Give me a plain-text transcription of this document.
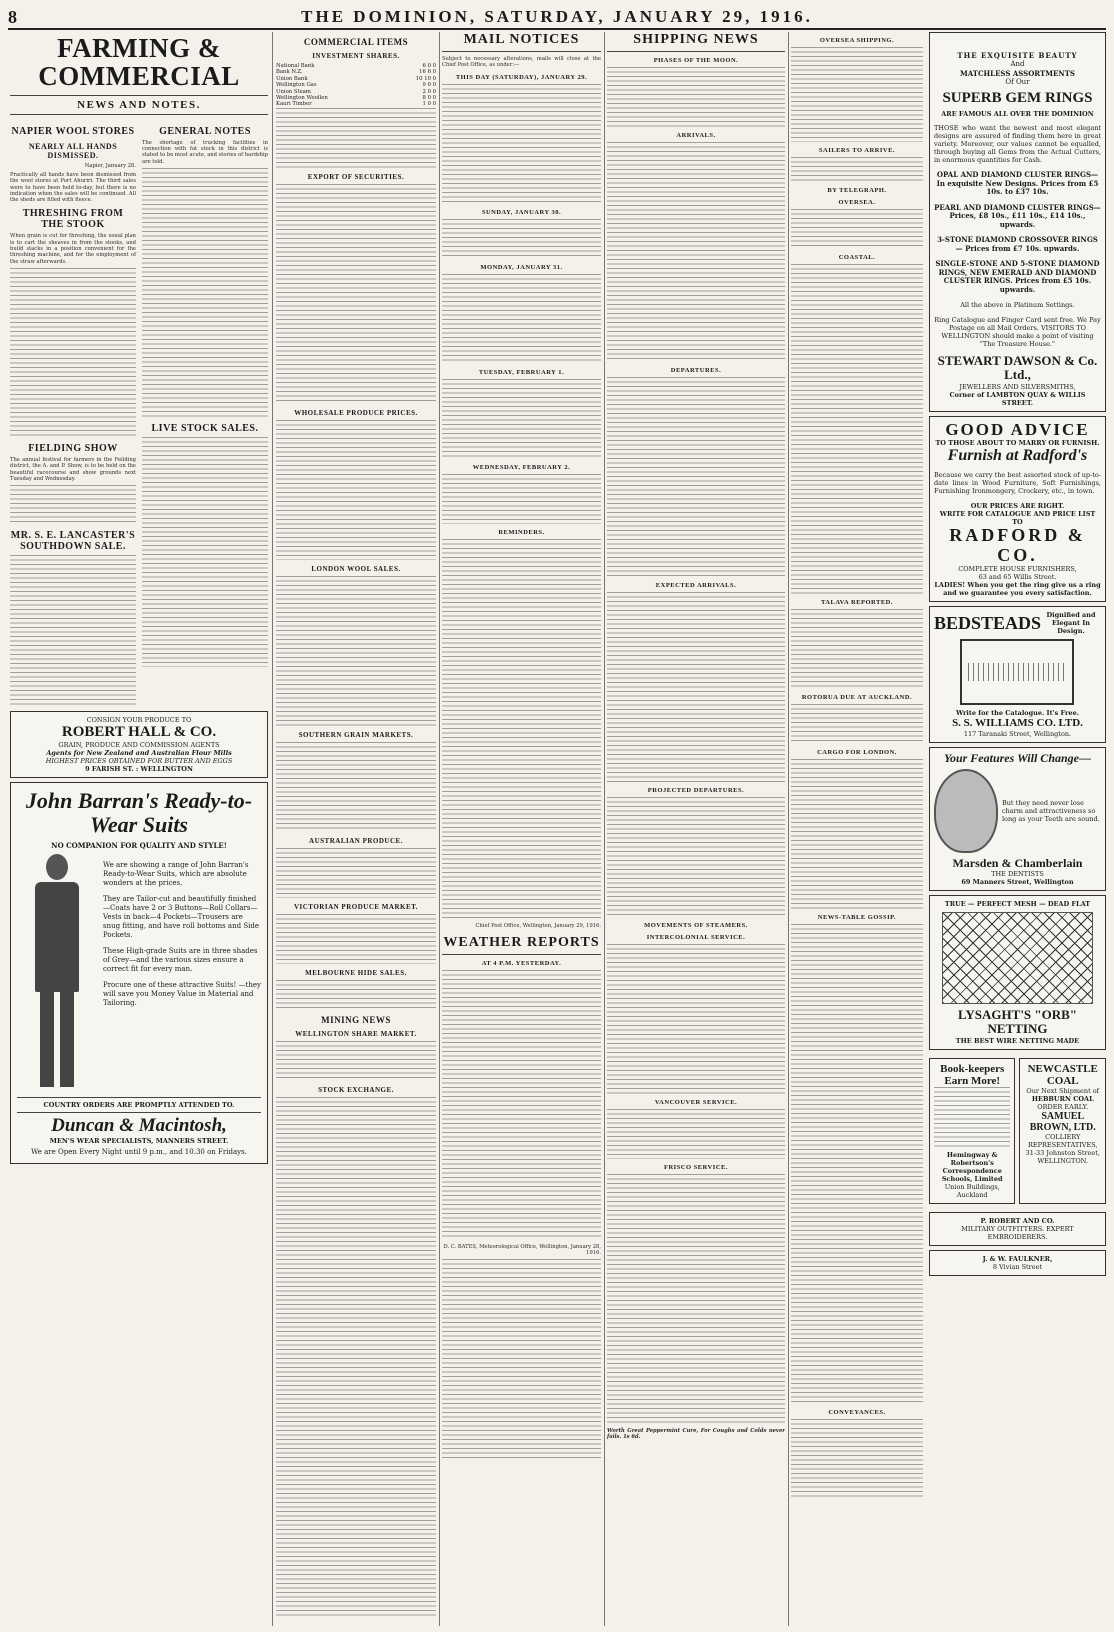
8	THE DOMINION, SATURDAY, JANUARY 29, 1916.
FARMING & COMMERCIAL
NEWS AND NOTES.
NAPIER WOOL STORES
NEARLY ALL HANDS DISMISSED.
Napier, January 28.
Practically all hands have been dismissed from the wool stores at Port Ahuriri. The third sales were to have been held to-day, but there is no indication when the sales will be continued. All the sheds are filled with fleece.
THRESHING FROM THE STOOK
When grain is cut for threshing, the usual plan is to cart the sheaves in from the stooks, and build stacks in a position convenient for the threshing machine, and for the employment of the straw afterwards.
FIELDING SHOW
The annual festival for farmers in the Feilding district, the A. and P. Show, is to be held on the beautiful racecourse and show grounds next Tuesday and Wednesday.
MR. S. E. LANCASTER'S SOUTHDOWN SALE.
GENERAL NOTES
The shortage of trucking facilities in connection with fat stock in this district is stated to be most acute, and stories of hardship are told.
LIVE STOCK SALES.
CONSIGN YOUR PRODUCE TO
ROBERT HALL & CO.
GRAIN, PRODUCE AND COMMISSION AGENTS
Agents for New Zealand and Australian Flour Mills
HIGHEST PRICES OBTAINED FOR BUTTER AND EGGS
9 FARISH ST. : WELLINGTON
John Barran's Ready-to-Wear Suits
NO COMPANION FOR QUALITY AND STYLE!

We are showing a range of John Barran's Ready-to-Wear Suits, which are absolute wonders at the prices.

They are Tailor-cut and beautifully finished—Coats have 2 or 3 Buttons—Roll Collars—Vests in back—4 Pockets—Trousers are snug fitting, and have roll bottoms and Side Pockets.

These High-grade Suits are in three shades of Grey—and the various sizes ensure a correct fit for every man.

Procure one of these attractive Suits! —they will save you Money Value in Material and Tailoring.

COUNTRY ORDERS ARE PROMPTLY ATTENDED TO.
Duncan & Macintosh,
MEN'S WEAR SPECIALISTS, MANNERS STREET.
We are Open Every Night until 9 p.m., and 10.30 on Fridays.
COMMERCIAL ITEMS
INVESTMENT SHARES.
National Bank	6 0 0
Bank N.Z.	16 6 0
Union Bank	10 10 0
Wellington Gas	9 0 0
Union Steam	2 0 0
Wellington Woollen	8 0 0
Kauri Timber	1 0 0
EXPORT OF SECURITIES.
WHOLESALE PRODUCE PRICES.
LONDON WOOL SALES.
SOUTHERN GRAIN MARKETS.
AUSTRALIAN PRODUCE.
VICTORIAN PRODUCE MARKET.
MELBOURNE HIDE SALES.
MINING NEWS
WELLINGTON SHARE MARKET.
STOCK EXCHANGE.
MAIL NOTICES
Subject to necessary alterations, mails will close at the Chief Post Office, as under:—
THIS DAY (SATURDAY), JANUARY 29.
SUNDAY, JANUARY 30.
MONDAY, JANUARY 31.
TUESDAY, FEBRUARY 1.
WEDNESDAY, FEBRUARY 2.
REMINDERS.
Chief Post Office, Wellington, January 29, 1916.
WEATHER REPORTS
AT 4 P.M. YESTERDAY.
D. C. BATES, Meteorological Office, Wellington, January 28, 1916.
SHIPPING NEWS
PHASES OF THE MOON.
ARRIVALS.
DEPARTURES.
EXPECTED ARRIVALS.
PROJECTED DEPARTURES.
MOVEMENTS OF STEAMERS.
INTERCOLONIAL SERVICE.
VANCOUVER SERVICE.
FRISCO SERVICE.
Worth Great Peppermint Cure, For Coughs and Colds never fails. 1s 6d.
OVERSEA SHIPPING.
SAILERS TO ARRIVE.
BY TELEGRAPH.
OVERSEA.
COASTAL.
TALAVA REPORTED.
ROTORUA DUE AT AUCKLAND.
CARGO FOR LONDON.
NEWS-TABLE GOSSIP.
CONVEYANCES.
THE EXQUISITE BEAUTY
And
MATCHLESS ASSORTMENTS
Of Our
SUPERB GEM RINGS
ARE FAMOUS ALL OVER THE DOMINION

THOSE who want the newest and most elegant designs are assured of finding them here in great variety. Moreover, our values cannot be equalled, through buying all Gems from the Actual Cutters, in enormous quantities for Cash.

OPAL AND DIAMOND CLUSTER RINGS—In exquisite New Designs. Prices from £5 10s. to £37 10s.

PEARL AND DIAMOND CLUSTER RINGS— Prices, £8 10s., £11 10s., £14 10s., upwards.

3-STONE DIAMOND CROSSOVER RINGS— Prices from £7 10s. upwards.

SINGLE-STONE AND 5-STONE DIAMOND RINGS, NEW EMERALD AND DIAMOND CLUSTER RINGS. Prices from £5 10s. upwards.

All the above in Platinum Settings.

Ring Catalogue and Finger Card sent free. We Pay Postage on all Mail Orders. VISITORS TO WELLINGTON should make a point of visiting "The Treasure House."

STEWART DAWSON & Co. Ltd.,
JEWELLERS AND SILVERSMITHS,
Corner of LAMBTON QUAY & WILLIS STREET.
GOOD ADVICE
TO THOSE ABOUT TO MARRY OR FURNISH.
Furnish at Radford's

Because we carry the best assorted stock of up-to-date lines in Wood Furniture, Soft Furnishings, Furnishing Ironmongery, Crockery, etc., in town.

OUR PRICES ARE RIGHT.
WRITE FOR CATALOGUE AND PRICE LIST TO
RADFORD & CO.
COMPLETE HOUSE FURNISHERS,
63 and 65 Willis Street.
LADIES! When you get the ring give us a ring and we guarantee you every satisfaction.
BEDSTEADS Dignified and Elegant In Design.
Write for the Catalogue. It's Free.
S. S. WILLIAMS CO. LTD.
117 Taranaki Street, Wellington.
Your Features Will Change—

But they need never lose charm and attractiveness so long as your Teeth are sound.

Marsden & Chamberlain
THE DENTISTS
69 Manners Street, Wellington
TRUE — PERFECT MESH — DEAD FLAT
LYSAGHT'S "ORB" NETTING
THE BEST WIRE NETTING MADE
Book-keepers Earn More!
Hemingway & Robertson's Correspondence Schools, Limited
Union Buildings, Auckland
NEWCASTLE COAL
Our Next Shipment of
HEBBURN COAL
ORDER EARLY.
SAMUEL BROWN, LTD.
COLLIERY REPRESENTATIVES,
31-33 Johnston Street, WELLINGTON.
P. ROBERT AND CO.
MILITARY OUTFITTERS. EXPERT EMBROIDERERS.
J. & W. FAULKNER,
8 Vivian Street
